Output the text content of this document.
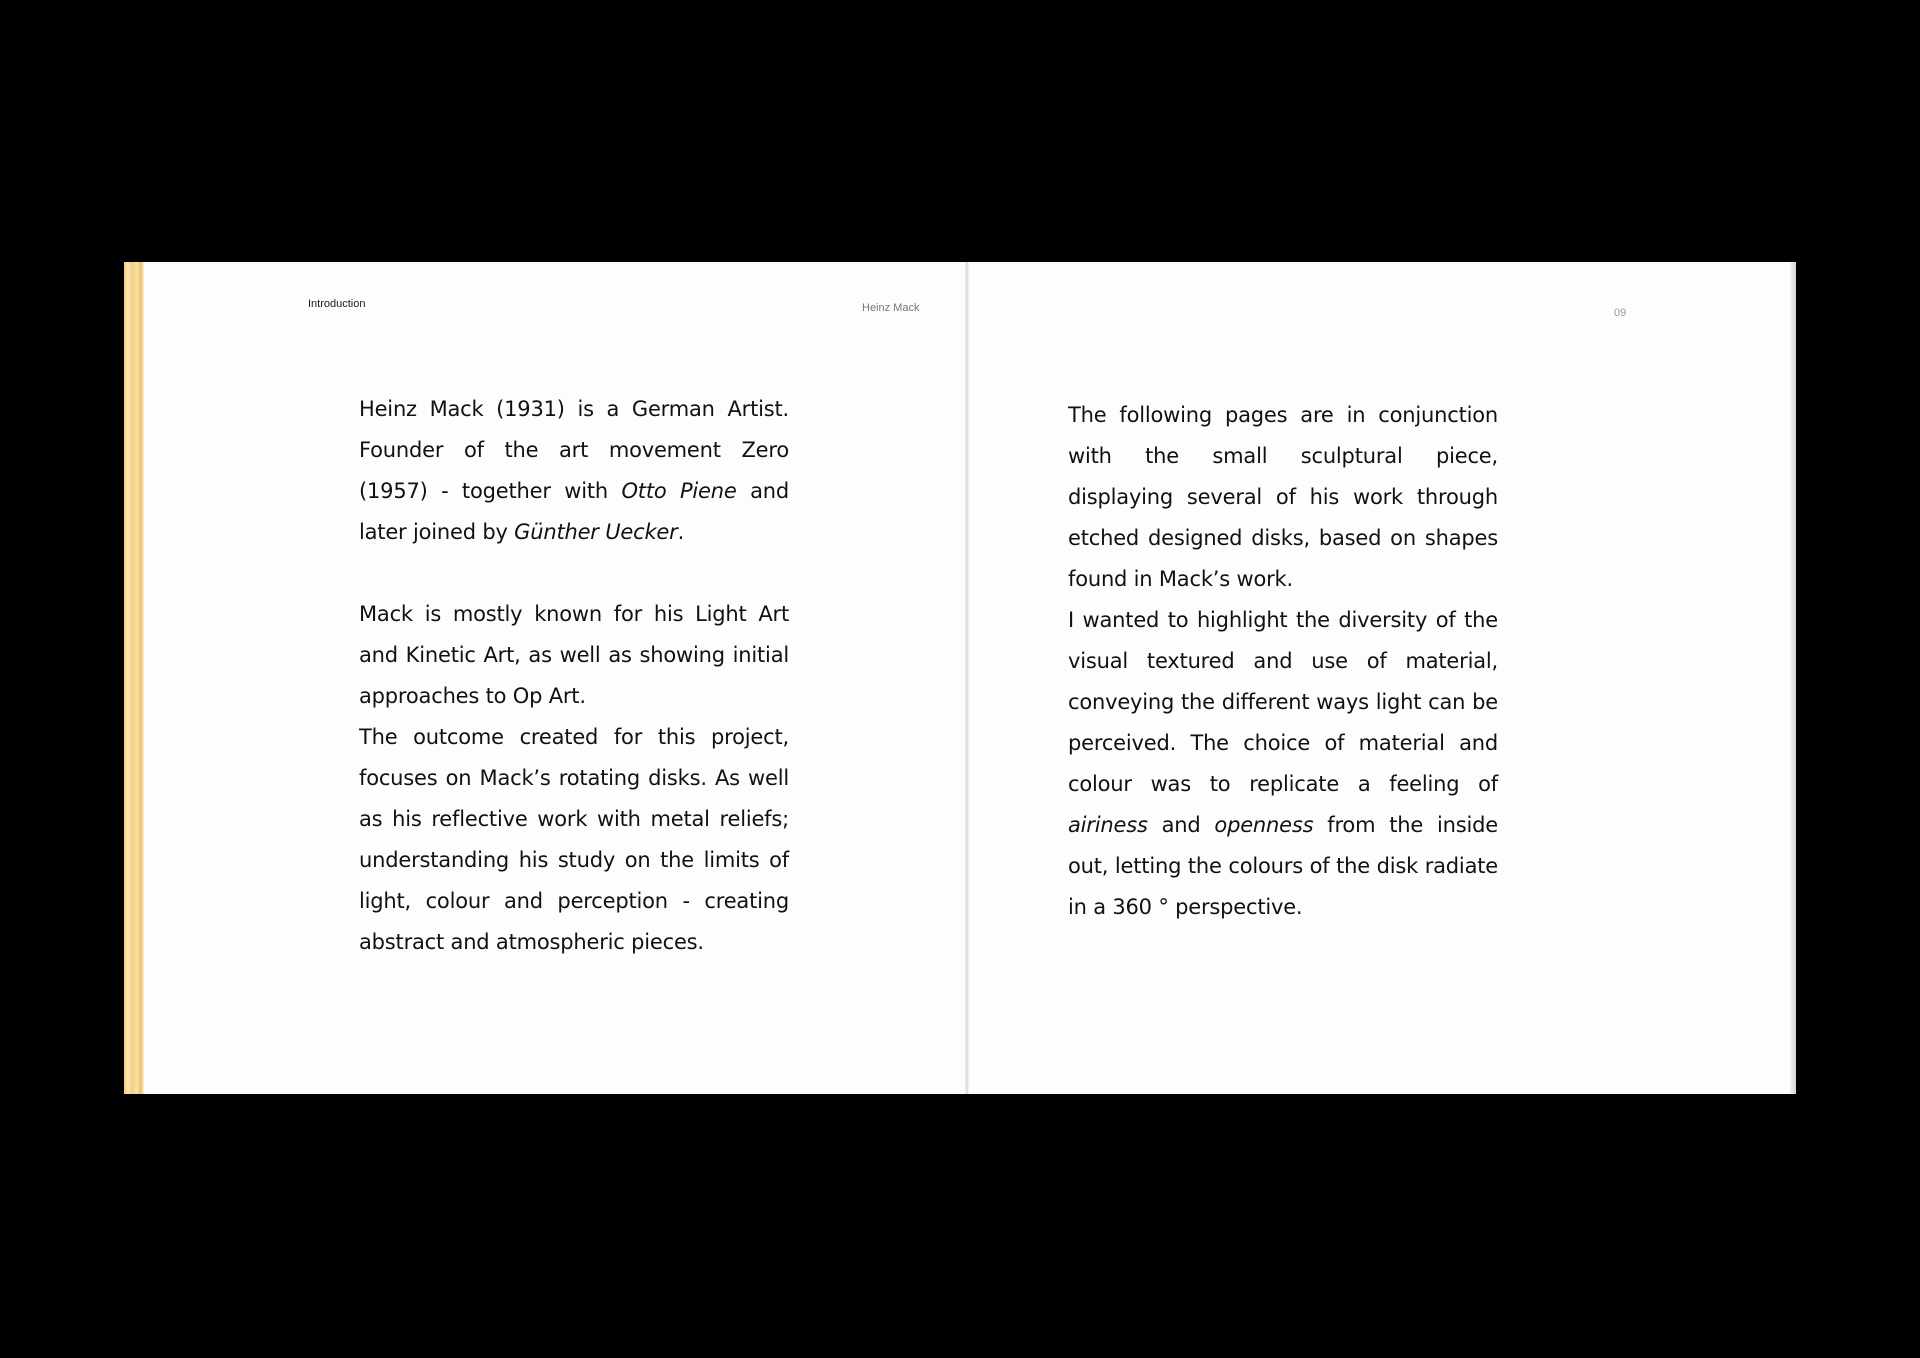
Introduction	Heinz Mack	09

Heinz Mack (1931) is a German Artist. Founder of the art movement Zero (1957) - together with Otto Piene and later joined by Günther Uecker.

Mack is mostly known for his Light Art and Kinetic Art, as well as showing initial approaches to Op Art.

The outcome created for this project, focuses on Mack’s rotating disks. As well as his reflective work with metal reliefs; understanding his study on the limits of light, colour and perception - creating abstract and atmospheric pieces.

The following pages are in conjunction with the small sculptural piece, displaying several of his work through etched designed disks, based on shapes found in Mack’s work.

I wanted to highlight the diversity of the visual textured and use of material, conveying the different ways light can be perceived. The choice of material and colour was to replicate a feeling of airiness and openness from the inside out, letting the colours of the disk radiate in a 360 ° perspective.
